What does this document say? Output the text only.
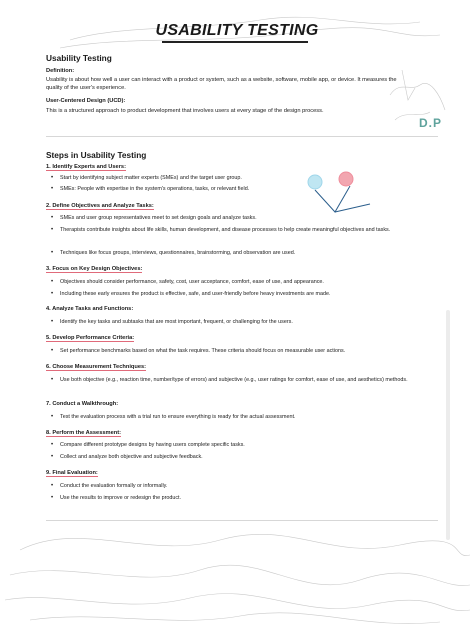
USABILITY TESTING
Usability Testing
Definition:
Usability is about how well a user can interact with a product or system, such as a website, software, mobile app, or device. It measures the quality of the user's experience.
User-Centered Design (UCD):
This is a structured approach to product development that involves users at every stage of the design process.
D.P
Steps in Usability Testing
1. Identify Experts and Users:
• Start by identifying subject matter experts (SMEs) and the target user group.
• SMEs: People with expertise in the system's operations, tasks, or relevant field.
2. Define Objectives and Analyze Tasks:
• SMEs and user group representatives meet to set design goals and analyze tasks.
• Therapists contribute insights about life skills, human development, and disease processes to help create meaningful objectives and tasks.
• Techniques like focus groups, interviews, questionnaires, brainstorming, and observation are used.
3. Focus on Key Design Objectives:
• Objectives should consider performance, safety, cost, user acceptance, comfort, ease of use, and appearance.
• Including these early ensures the product is effective, safe, and user-friendly before heavy investments are made.
4. Analyze Tasks and Functions:
• Identify the key tasks and subtasks that are most important, frequent, or challenging for the users.
5. Develop Performance Criteria:
• Set performance benchmarks based on what the task requires. These criteria should focus on measurable user actions.
6. Choose Measurement Techniques:
• Use both objective (e.g., reaction time, number/type of errors) and subjective (e.g., user ratings for comfort, ease of use, and aesthetics) methods.
7. Conduct a Walkthrough:
• Test the evaluation process with a trial run to ensure everything is ready for the actual assessment.
8. Perform the Assessment:
• Compare different prototype designs by having users complete specific tasks.
• Collect and analyze both objective and subjective feedback.
9. Final Evaluation:
• Conduct the evaluation formally or informally.
• Use the results to improve or redesign the product.
